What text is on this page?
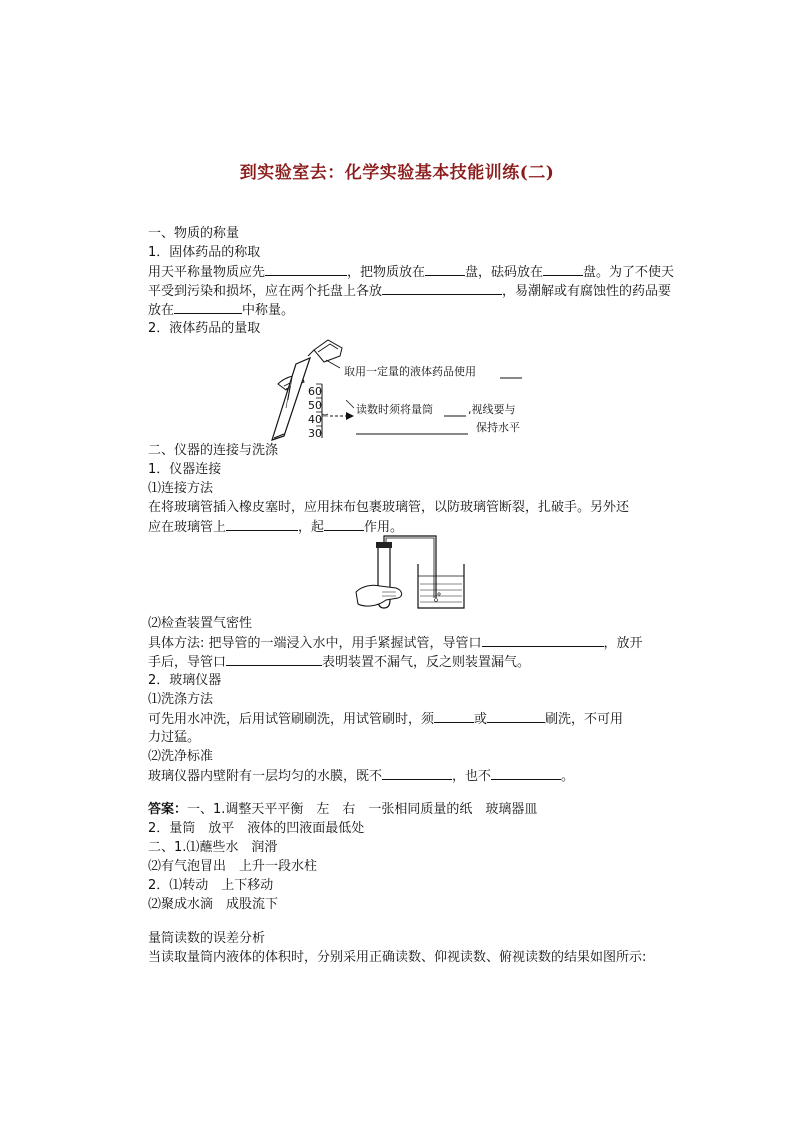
到实验室去：化学实验基本技能训练(二)
一、物质的称量
1．固体药品的称取
用天平称量物质应先	，把物质放在	盘，砝码放在	盘。为了不使天
平受到污染和损坏，应在两个托盘上各放	，易潮解或有腐蚀性的药品要
放在	中称量。
2．液体药品的量取
60
50
40
30
取用一定量的液体药品使用
读数时须将量筒	,视线要与
保持水平
二、仪器的连接与洗涤
1．仪器连接
⑴连接方法
在将玻璃管插入橡皮塞时，应用抹布包裹玻璃管，以防玻璃管断裂，扎破手。另外还
应在玻璃管上	，起	作用。
⑵检查装置气密性
具体方法: 把导管的一端浸入水中，用手紧握试管，导管口	，放开
手后，导管口	表明装置不漏气，反之则装置漏气。
2．玻璃仪器
⑴洗涤方法
可先用水冲洗，后用试管刷刷洗，用试管刷时，须	或	刷洗，不可用
力过猛。
⑵洗净标准
玻璃仪器内壁附有一层均匀的水膜，既不	，也不	。
答案：一、1.调整天平平衡　左　右　一张相同质量的纸　玻璃器皿
2．量筒　放平　液体的凹液面最低处
二、1.⑴蘸些水　润滑
⑵有气泡冒出　上升一段水柱
2．⑴转动　上下移动
⑵聚成水滴　成股流下
量筒读数的误差分析
当读取量筒内液体的体积时，分别采用正确读数、仰视读数、俯视读数的结果如图所示:
